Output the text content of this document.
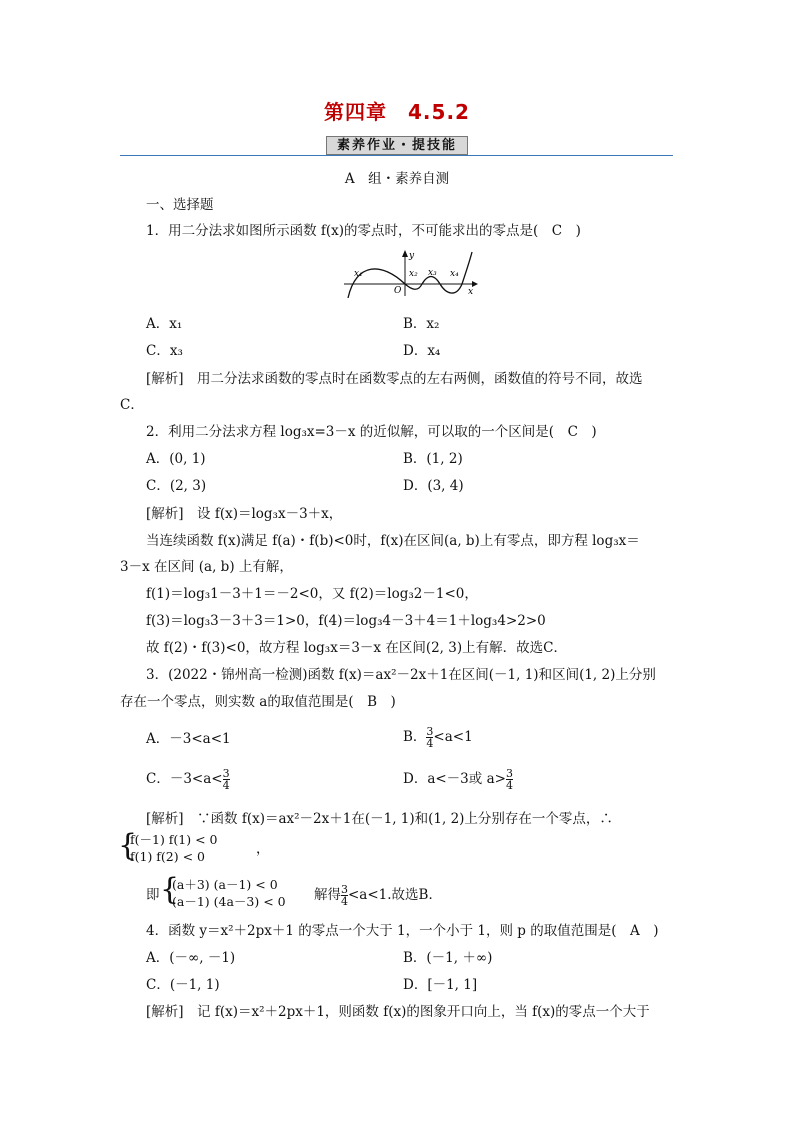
第四章　4.5.2
素养作业・提技能
A　组・素养自测
一、选择题
1．用二分法求如图所示函数 f(x)的零点时，不可能求出的零点是(　C　)
x₁	x₂ x₃ x₄
O
y
x
A．x₁	B．x₂
C．x₃	D．x₄
[解析]　用二分法求函数的零点时在函数零点的左右两侧，函数值的符号不同，故选
C．
2．利用二分法求方程 log₃x=3－x 的近似解，可以取的一个区间是(　C　)
A．(0, 1)	B．(1, 2)
C．(2, 3)	D．(3, 4)
[解析]　设 f(x)＝log₃x－3＋x，
当连续函数 f(x)满足 f(a)・f(b)<0时，f(x)在区间(a, b)上有零点，即方程 log₃x＝
3－x 在区间 (a, b) 上有解，
f(1)＝log₃1－3＋1＝－2<0，又 f(2)＝log₃2－1<0，
f(3)＝log₃3－3＋3＝1>0，f(4)＝log₃4－3＋4＝1＋log₃4>2>0
故 f(2)・f(3)<0，故方程 log₃x＝3－x 在区间(2, 3)上有解．故选C．
3．(2022・锦州高一检测)函数 f(x)＝ax²－2x＋1在区间(－1, 1)和区间(1, 2)上分别
存在一个零点，则实数 a的取值范围是(　B　)
A．－3<a<1	B． $\frac{3}{4} <a<1$
C．$-3<a< \frac{3}{4}$	D．a<－3或 $a> \frac{3}{4}$
[解析]　∵函数 f(x)＝ax²－2x＋1在(－1, 1)和(1, 2)上分别存在一个零点，∴
{
f(－1) f(1) < 0
f(1) f(2) < 0	，
即 {
(a＋3) (a－1) < 0
(a－1) (4a－3) < 0 解得 $\frac{3}{4} <a<1$.故选B．
4．函数 y＝x²＋2px＋1 的零点一个大于 1，一个小于 1，则 p 的取值范围是(　A　)
A．(－∞, －1)	B．(－1, ＋∞)
C．(－1, 1)	D．[－1, 1]
[解析]　记 f(x)＝x²＋2px＋1，则函数 f(x)的图象开口向上，当 f(x)的零点一个大于
